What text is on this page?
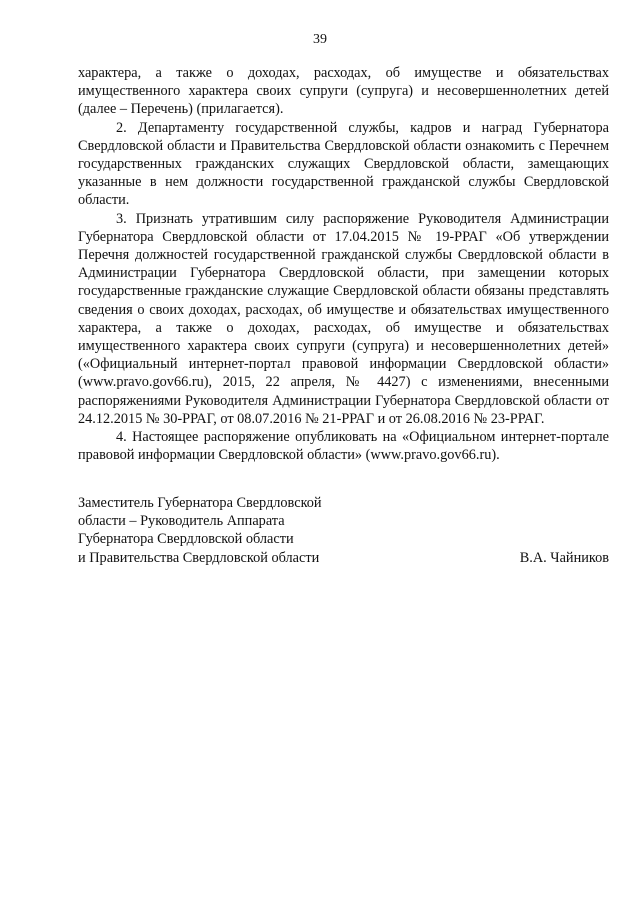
39

характера, а также о доходах, расходах, об имуществе и обязательствах имущественного характера своих супруги (супруга) и несовершеннолетних детей (далее – Перечень) (прилагается).

2. Департаменту государственной службы, кадров и наград Губернатора Свердловской области и Правительства Свердловской области ознакомить с Перечнем государственных гражданских служащих Свердловской области, замещающих указанные в нем должности государственной гражданской службы Свердловской области.

3. Признать утратившим силу распоряжение Руководителя Администрации Губернатора Свердловской области от 17.04.2015 № 19-РРАГ «Об утверждении Перечня должностей государственной гражданской службы Свердловской области в Администрации Губернатора Свердловской области, при замещении которых государственные гражданские служащие Свердловской области обязаны представлять сведения о своих доходах, расходах, об имуществе и обязательствах имущественного характера, а также о доходах, расходах, об имуществе и обязательствах имущественного характера своих супруги (супруга) и несовершеннолетних детей» («Официальный интернет-портал правовой информации Свердловской области» (www.pravo.gov66.ru), 2015, 22 апреля, № 4427) с изменениями, внесенными распоряжениями Руководителя Администрации Губернатора Свердловской области от 24.12.2015 № 30-РРАГ, от 08.07.2016 № 21-РРАГ и от 26.08.2016 № 23-РРАГ.

4. Настоящее распоряжение опубликовать на «Официальном интернет-портале правовой информации Свердловской области» (www.pravo.gov66.ru).

Заместитель Губернатора Свердловской
области – Руководитель Аппарата
Губернатора Свердловской области
и Правительства Свердловской области	В.А. Чайников
